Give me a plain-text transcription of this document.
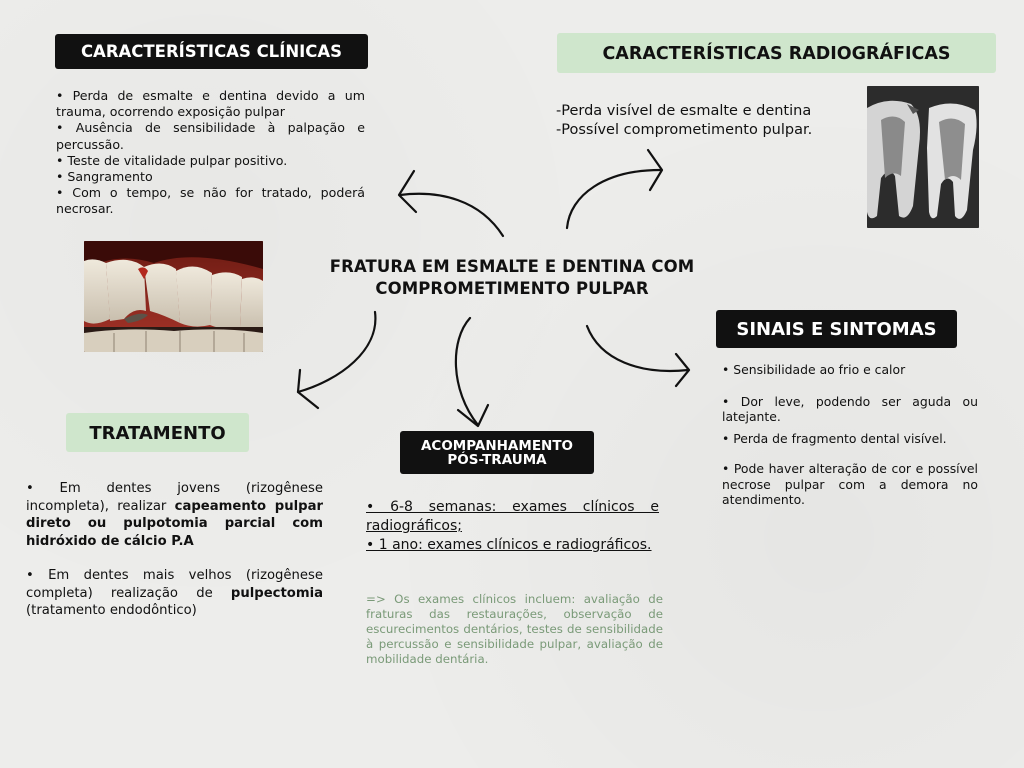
FRATURA EM ESMALTE E DENTINA COM
COMPROMETIMENTO PULPAR
CARACTERÍSTICAS CLÍNICAS

• Perda de esmalte e dentina devido a um trauma, ocorrendo exposição pulpar

• Ausência de sensibilidade à palpação e percussão.

• Teste de vitalidade pulpar positivo.

• Sangramento

• Com o tempo, se não for tratado, poderá necrosar.

CARACTERÍSTICAS RADIOGRÁFICAS
-Perda visível de esmalte e dentina
-Possível comprometimento pulpar.
SINAIS E SINTOMAS

• Sensibilidade ao frio e calor

• Dor leve, podendo ser aguda ou latejante.

• Perda de fragmento dental visível.

• Pode haver alteração de cor e possível necrose pulpar com a demora no atendimento.

TRATAMENTO

• Em dentes jovens (rizogênese incompleta), realizar capeamento pulpar direto ou pulpotomia parcial com hidróxido de cálcio P.A

• Em dentes mais velhos (rizogênese completa) realização de pulpectomia (tratamento endodôntico)

ACOMPANHAMENTO
PÓS-TRAUMA

• 6-8 semanas: exames clínicos e radiográficos;

• 1 ano: exames clínicos e radiográficos.

=> Os exames clínicos incluem: avaliação de fraturas das restaurações, observação de escurecimentos dentários, testes de sensibilidade à percussão e sensibilidade pulpar, avaliação de mobilidade dentária.
